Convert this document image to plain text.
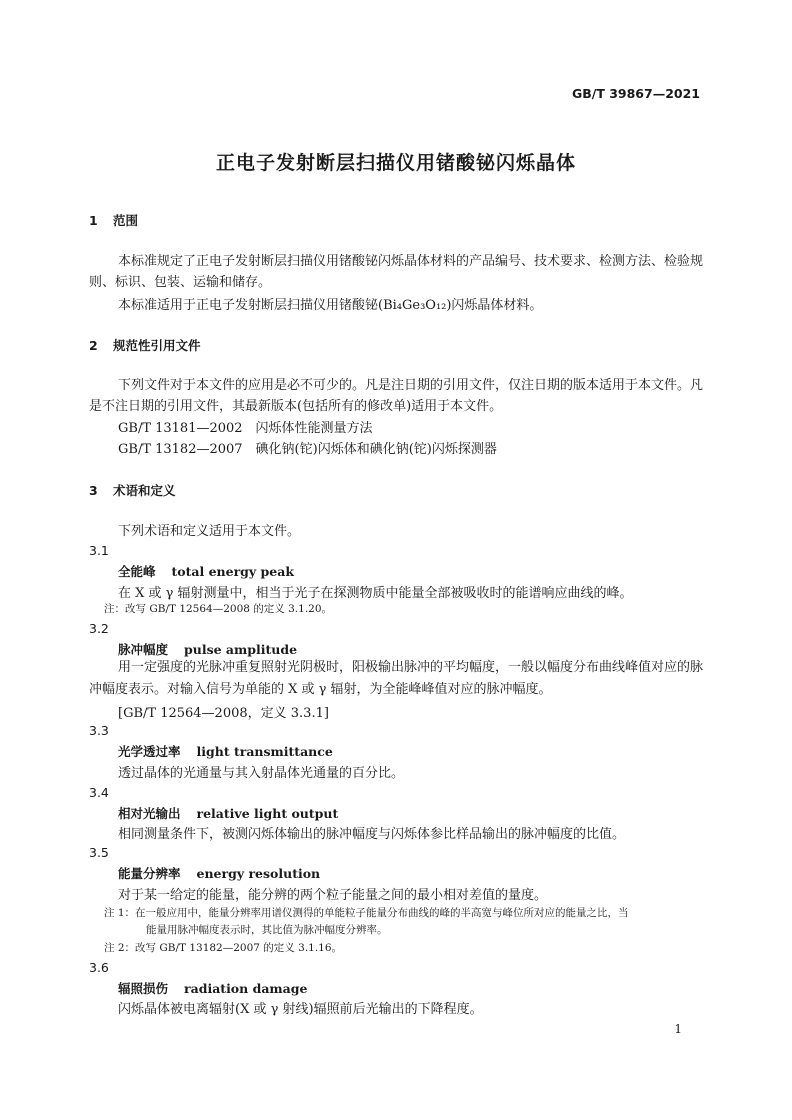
GB/T 39867—2021
正电子发射断层扫描仪用锗酸铋闪烁晶体
1 范围
本标准规定了正电子发射断层扫描仪用锗酸铋闪烁晶体材料的产品编号、技术要求、检测方法、检验规则、标识、包装、运输和储存。
本标准适用于正电子发射断层扫描仪用锗酸铋(Bi₄Ge₃O₁₂)闪烁晶体材料。
2 规范性引用文件
下列文件对于本文件的应用是必不可少的。凡是注日期的引用文件，仅注日期的版本适用于本文件。凡是不注日期的引用文件，其最新版本(包括所有的修改单)适用于本文件。
GB/T 13181—2002　闪烁体性能测量方法
GB/T 13182—2007　碘化钠(铊)闪烁体和碘化钠(铊)闪烁探测器
3 术语和定义
下列术语和定义适用于本文件。
3.1
全能峰 total energy peak
在 X 或 γ 辐射测量中，相当于光子在探测物质中能量全部被吸收时的能谱响应曲线的峰。
注：改写 GB/T 12564—2008 的定义 3.1.20。
3.2
脉冲幅度 pulse amplitude
用一定强度的光脉冲重复照射光阴极时，阳极输出脉冲的平均幅度，一般以幅度分布曲线峰值对应的脉冲幅度表示。对输入信号为单能的 X 或 γ 辐射，为全能峰峰值对应的脉冲幅度。
[GB/T 12564—2008，定义 3.3.1]
3.3
光学透过率 light transmittance
透过晶体的光通量与其入射晶体光通量的百分比。
3.4
相对光输出 relative light output
相同测量条件下，被测闪烁体输出的脉冲幅度与闪烁体参比样品输出的脉冲幅度的比值。
3.5
能量分辨率 energy resolution
对于某一给定的能量，能分辨的两个粒子能量之间的最小相对差值的量度。
注 1：在一般应用中，能量分辨率用谱仪测得的单能粒子能量分布曲线的峰的半高宽与峰位所对应的能量之比，当
能量用脉冲幅度表示时，其比值为脉冲幅度分辨率。
注 2：改写 GB/T 13182—2007 的定义 3.1.16。
3.6
辐照损伤 radiation damage
闪烁晶体被电离辐射(X 或 γ 射线)辐照前后光输出的下降程度。
1
